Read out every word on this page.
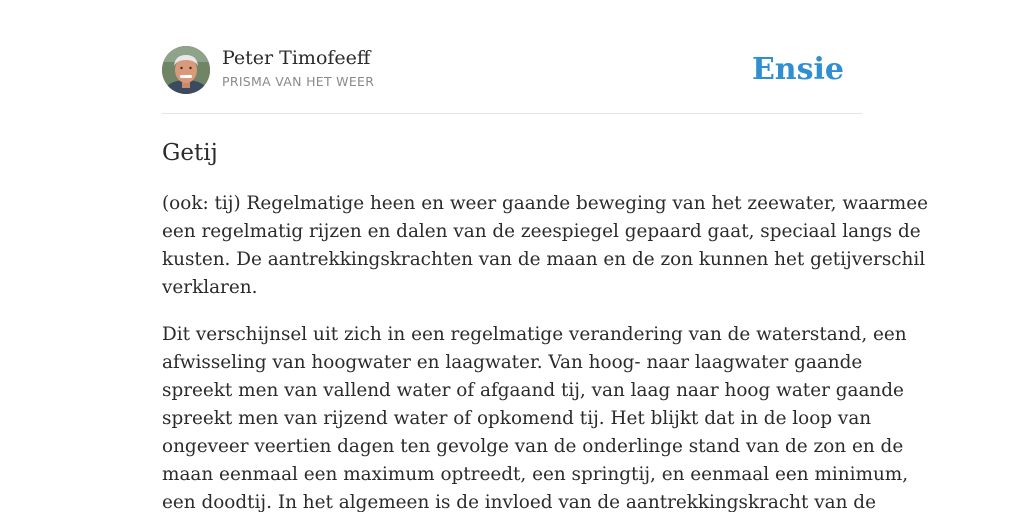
Peter Timofeeff
PRISMA VAN HET WEER	Ensie
Getij

(ook: tij) Regelmatige heen en weer gaande beweging van het zeewater, waarmee
een regelmatig rijzen en dalen van de zeespiegel gepaard gaat, speciaal langs de
kusten. De aantrekkingskrachten van de maan en de zon kunnen het getijverschil
verklaren.

Dit verschijnsel uit zich in een regelmatige verandering van de waterstand, een
afwisseling van hoogwater en laagwater. Van hoog- naar laagwater gaande
spreekt men van vallend water of afgaand tij, van laag naar hoog water gaande
spreekt men van rijzend water of opkomend tij. Het blijkt dat in de loop van
ongeveer veertien dagen ten gevolge van de onderlinge stand van de zon en de
maan eenmaal een maximum optreedt, een springtij, en eenmaal een minimum,
een doodtij. In het algemeen is de invloed van de aantrekkingskracht van de
